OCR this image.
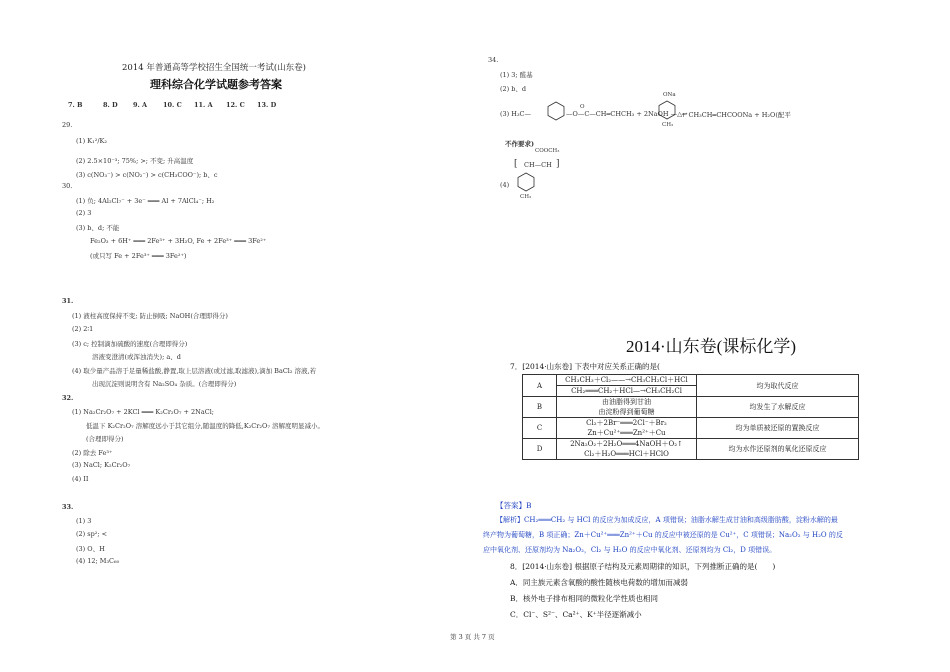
2014 年普通高等学校招生全国统一考试(山东卷)
理科综合化学试题参考答案
7. B	8. D 9. A 10. C 11. A 12. C 13. D
29.
(1) K₁²/K₂
(2) 2.5×10⁻³; 75%; >; 不变; 升高温度
(3) c(NO₃⁻) > c(NO₂⁻) > c(CH₃COO⁻); b、c
30.
(1) 负; 4Al₂Cl₇⁻ + 3e⁻ ═══ Al + 7AlCl₄⁻; H₂
(2) 3
(3) b、d; 不能
Fe₂O₃ + 6H⁺ ═══ 2Fe³⁺ + 3H₂O, Fe + 2Fe³⁺ ═══ 3Fe²⁺
(或只写 Fe + 2Fe³⁺ ═══ 3Fe²⁺)
31.
(1) 液柱高度保持不变; 防止倒吸; NaOH(合理即得分)
(2) 2∶1
(3) c; 控制滴加硫酸的速度(合理即得分)
溶液变澄清(或浑浊消失); a、d
(4) 取少量产品溶于足量稀盐酸,静置,取上层溶液(或过滤,取滤液),滴加 BaCl₂ 溶液,若
出现沉淀则说明含有 Na₂SO₄ 杂质。(合理即得分)
32.
(1) Na₂Cr₂O₇ + 2KCl ═══ K₂Cr₂O₇ + 2NaCl;
低温下 K₂Cr₂O₇ 溶解度远小于其它组分,随温度的降低,K₂Cr₂O₇ 溶解度明显减小。
(合理即得分)
(2) 除去 Fe³⁺
(3) NaCl; K₂Cr₂O₇
(4) II
33.
(1) 3
(2) sp²; <
(3) O、H
(4) 12; M₃C₆₀
34.
(1) 3; 醛基
(2) b、d
(3) H₃C—
O
—O—C—CH═CHCH₃ + 2NaOH —△→
ONa
CH₃
+ CH₃CH═CHCOONa + H₂O(配平
不作要求)
COOCH₃
[ CH—CH ]
(4)
CH₃
2014·山东卷(课标化学)
7．[2014·山东卷] 下表中对应关系正确的是(
A	CH₃CH₃＋Cl₂——→CH₃CH₂Cl＋HCl	均为取代反应
	CH₂═══CH₂＋HCl—→CH₃CH₂Cl	
B	由油脂得到甘油	均发生了水解反应
	由淀粉得到葡萄糖	
C	Cl₂＋2Br⁻═══2Cl⁻＋Br₂	均为单质被还原的置换反应
	Zn＋Cu²⁺═══Zn²⁺＋Cu	
D	2Na₂O₂＋2H₂O═══4NaOH＋O₂↑	均为水作还原剂的氧化还原反应
	Cl₂＋H₂O═══HCl＋HClO	
【答案】B
【解析】CH₂═══CH₂ 与 HCl 的反应为加成反应，A 项错误；油脂水解生成甘油和高级脂肪酸，淀粉水解的最
终产物为葡萄糖，B 项正确；Zn＋Cu²⁺═══Zn²⁺＋Cu 的反应中被还原的是 Cu²⁺，C 项错误；Na₂O₂ 与 H₂O 的反
应中氧化剂、还原剂均为 Na₂O₂，Cl₂ 与 H₂O 的反应中氧化剂、还原剂均为 Cl₂，D 项错误。
8．[2014·山东卷] 根据原子结构及元素周期律的知识，下列推断正确的是(　　)
A．同主族元素含氧酸的酸性随核电荷数的增加而减弱
B．核外电子排布相同的微粒化学性质也相同
C．Cl⁻、S²⁻、Ca²⁺、K⁺半径逐渐减小
第 3 页 共 7 页
